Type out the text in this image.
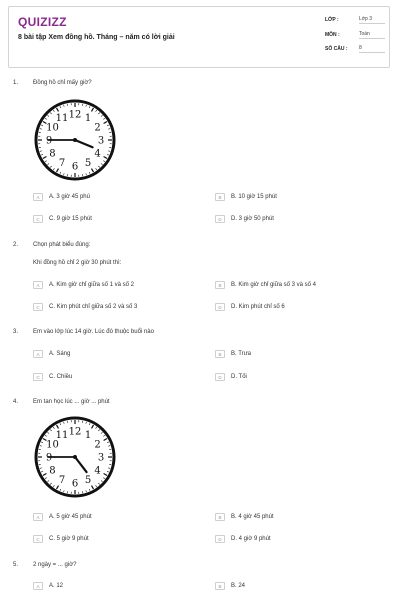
QUIZIZZ
8 bài tập Xem đồng hồ. Tháng – năm có lời giải
LỚP :	Lớp 3
MÔN :	Toán
SỐ CÂU : 8
1. Đồng hồ chỉ mấy giờ?
1
2
3
4
5
6
7
8
9
10
11 12
A	A. 3 giờ 45 phú	B	B. 10 giờ 15 phút
C	C. 9 giờ 15 phút	D	D. 3 giờ 50 phút
2. Chọn phát biểu đúng:
Khi đồng hồ chỉ 2 giờ 30 phút thì:
A	A. Kim giờ chỉ giữa số 1 và số 2	B	B. Kim giờ chỉ giữa số 3 và số 4
C	C. Kim phút chỉ giữa số 2 và số 3	D	D. Kim phút chỉ số 6
3. Em vào lớp lúc 14 giờ. Lúc đó thuộc buổi nào
A	A. Sáng	B	B. Trưa
C	C. Chiều	D	D. Tối
4. Em tan học lúc ... giờ ... phút
1
2
3
4
5
6
7
8
9
10
11 12
A	A. 5 giờ 45 phút	B	B. 4 giờ 45 phút
C	C. 5 giờ 9 phút	D	D. 4 giờ 9 phút
5. 2 ngày = ... giờ?
A	A. 12	B	B. 24
